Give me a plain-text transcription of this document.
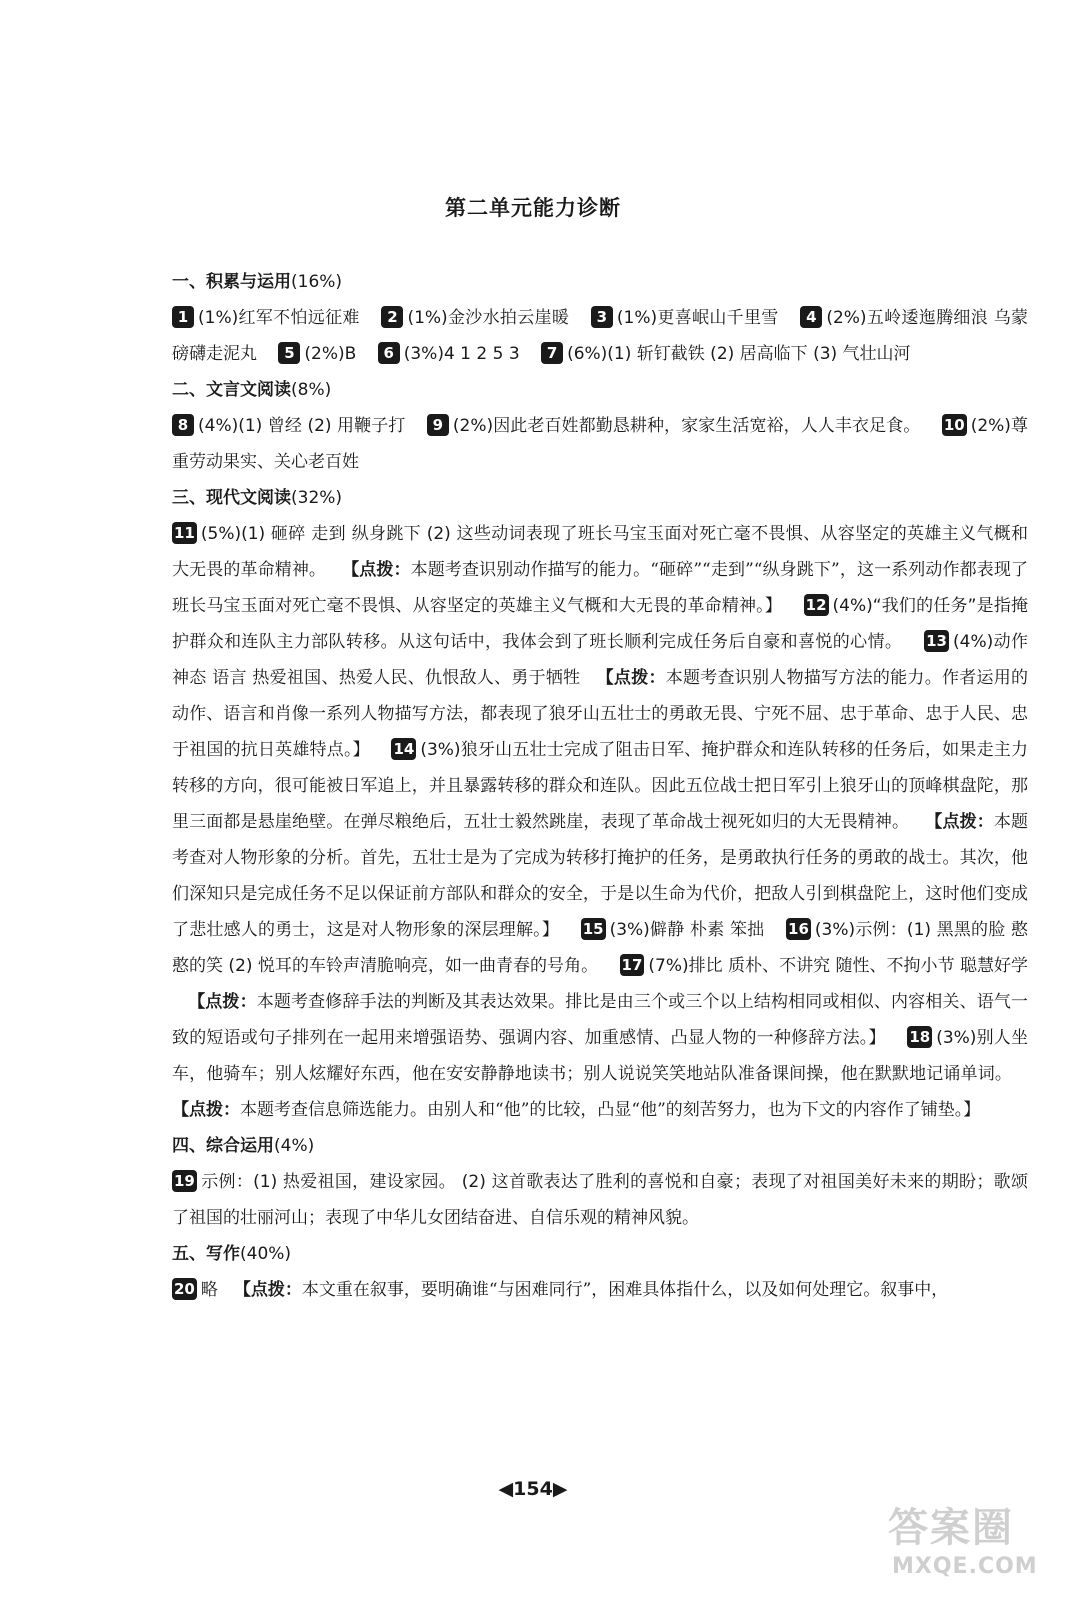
第二单元能力诊断
一、积累与运用(16%)
1 (1%)红军不怕远征难 2 (1%)金沙水拍云崖暖 3 (1%)更喜岷山千里雪 4 (2%)五岭逶迤腾细浪 乌蒙磅礴走泥丸 5 (2%)B 6 (3%)4 1 2 5 3 7 (6%)(1) 斩钉截铁 (2) 居高临下 (3) 气壮山河
二、文言文阅读(8%)
8 (4%)(1) 曾经 (2) 用鞭子打 9 (2%)因此老百姓都勤恳耕种，家家生活宽裕，人人丰衣足食。 10 (2%)尊重劳动果实、关心老百姓
三、现代文阅读(32%)
11 (5%)(1) 砸碎 走到 纵身跳下 (2) 这些动词表现了班长马宝玉面对死亡毫不畏惧、从容坚定的英雄主义气概和大无畏的革命精神。 【点拨：本题考查识别动作描写的能力。“砸碎”“走到”“纵身跳下”，这一系列动作都表现了班长马宝玉面对死亡毫不畏惧、从容坚定的英雄主义气概和大无畏的革命精神。】 12 (4%)“我们的任务”是指掩护群众和连队主力部队转移。从这句话中，我体会到了班长顺利完成任务后自豪和喜悦的心情。 13 (4%)动作 神态 语言 热爱祖国、热爱人民、仇恨敌人、勇于牺牲 【点拨：本题考查识别人物描写方法的能力。作者运用的动作、语言和肖像一系列人物描写方法，都表现了狼牙山五壮士的勇敢无畏、宁死不屈、忠于革命、忠于人民、忠于祖国的抗日英雄特点。】 14 (3%)狼牙山五壮士完成了阻击日军、掩护群众和连队转移的任务后，如果走主力转移的方向，很可能被日军追上，并且暴露转移的群众和连队。因此五位战士把日军引上狼牙山的顶峰棋盘陀，那里三面都是悬崖绝壁。在弹尽粮绝后，五壮士毅然跳崖，表现了革命战士视死如归的大无畏精神。 【点拨：本题考查对人物形象的分析。首先，五壮士是为了完成为转移打掩护的任务，是勇敢执行任务的勇敢的战士。其次，他们深知只是完成任务不足以保证前方部队和群众的安全，于是以生命为代价，把敌人引到棋盘陀上，这时他们变成了悲壮感人的勇士，这是对人物形象的深层理解。】 15 (3%)僻静 朴素 笨拙 16 (3%)示例：(1) 黑黑的脸 憨憨的笑 (2) 悦耳的车铃声清脆响亮，如一曲青春的号角。 17 (7%)排比 质朴、不讲究 随性、不拘小节 聪慧好学【点拨：本题考查修辞手法的判断及其表达效果。排比是由三个或三个以上结构相同或相似、内容相关、语气一致的短语或句子排列在一起用来增强语势、强调内容、加重感情、凸显人物的一种修辞方法。】 18 (3%)别人坐车，他骑车；别人炫耀好东西，他在安安静静地读书；别人说说笑笑地站队准备课间操，他在默默地记诵单词。【点拨：本题考查信息筛选能力。由别人和“他”的比较，凸显“他”的刻苦努力，也为下文的内容作了铺垫。】
四、综合运用(4%)
19 示例：(1) 热爱祖国，建设家园。 (2) 这首歌表达了胜利的喜悦和自豪；表现了对祖国美好未来的期盼；歌颂了祖国的壮丽河山；表现了中华儿女团结奋进、自信乐观的精神风貌。
五、写作(40%)
20 略 【点拨：本文重在叙事，要明确谁“与困难同行”，困难具体指什么，以及如何处理它。叙事中，
◀154▶
答案圈
MXQE.COM
